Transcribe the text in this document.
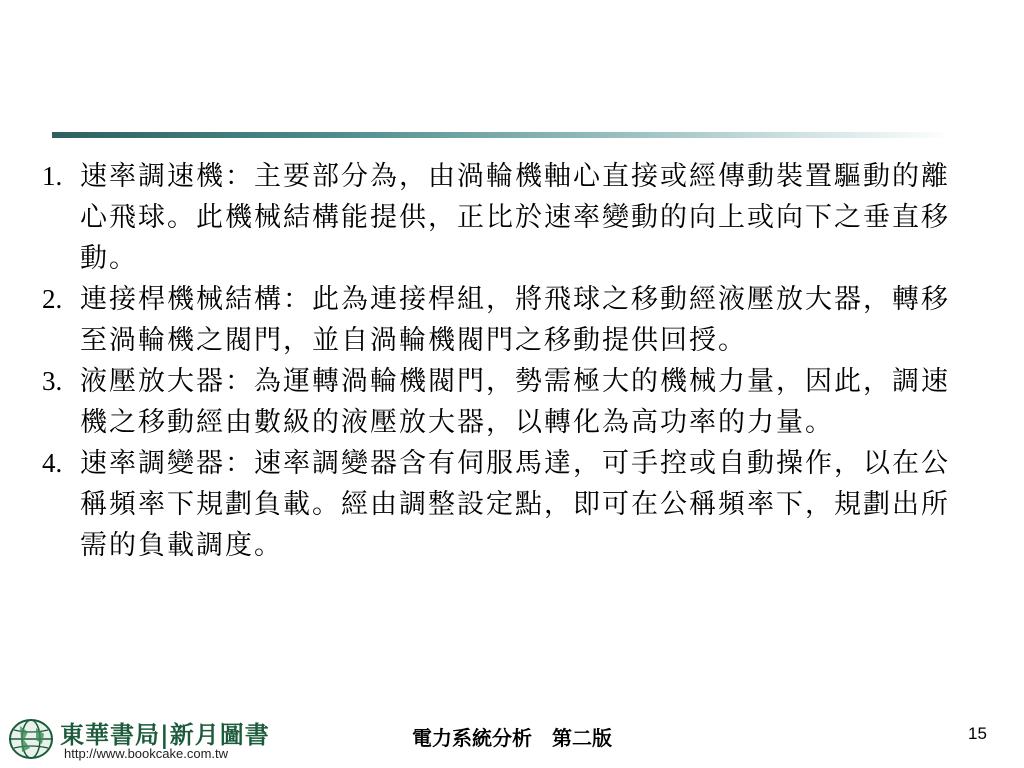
1. 速率調速機：主要部分為，由渦輪機軸心直接或經傳動裝置驅動的離心飛球。此機械結構能提供，正比於速率變動的向上或向下之垂直移動。
2. 連接桿機械結構：此為連接桿組，將飛球之移動經液壓放大器，轉移至渦輪機之閥門，並自渦輪機閥門之移動提供回授。
3. 液壓放大器：為運轉渦輪機閥門，勢需極大的機械力量，因此，調速機之移動經由數級的液壓放大器，以轉化為高功率的力量。
4. 速率調變器：速率調變器含有伺服馬達，可手控或自動操作，以在公稱頻率下規劃負載。經由調整設定點，即可在公稱頻率下，規劃出所需的負載調度。
東華書局|新月圖書
http://www.bookcake.com.tw
電力系統分析　第二版	15
